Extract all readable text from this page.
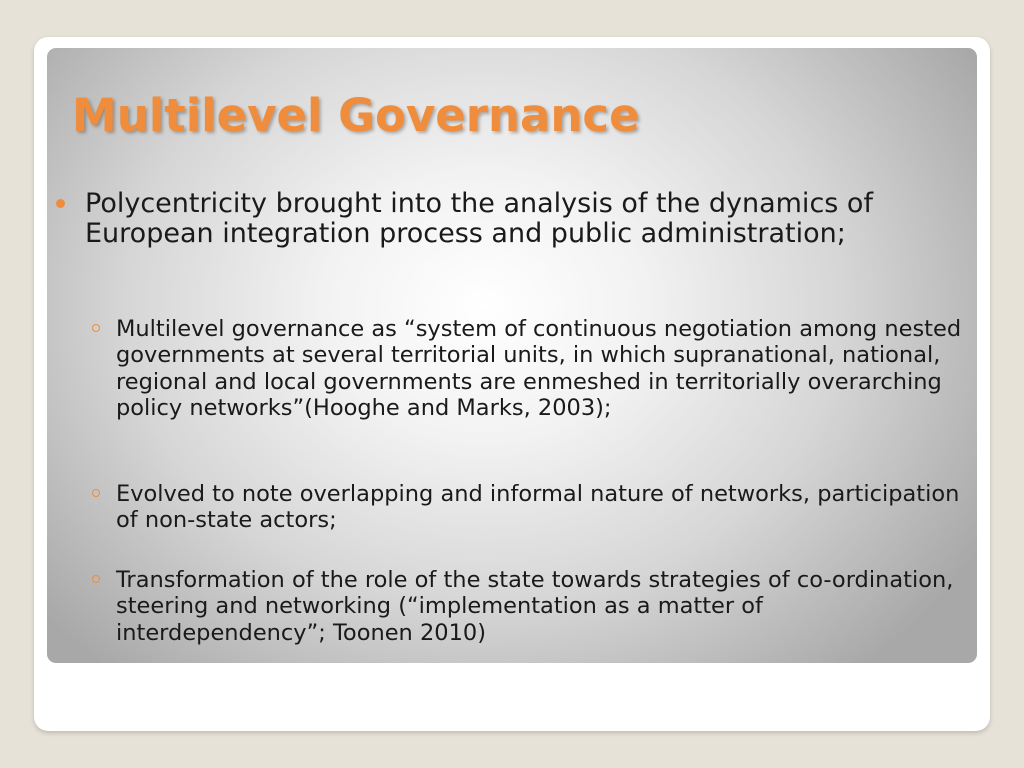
Multilevel Governance
Polycentricity brought into the analysis of the dynamics of European integration process and public administration;
Multilevel governance as “system of continuous negotiation among nested governments at several territorial units, in which supranational, national, regional and local governments are enmeshed in territorially overarching policy networks”(Hooghe and Marks, 2003);
Evolved to note overlapping and informal nature of networks, participation of non-state actors;
Transformation of the role of the state towards strategies of co-ordination, steering and networking (“implementation as a matter of interdependency”; Toonen 2010)
